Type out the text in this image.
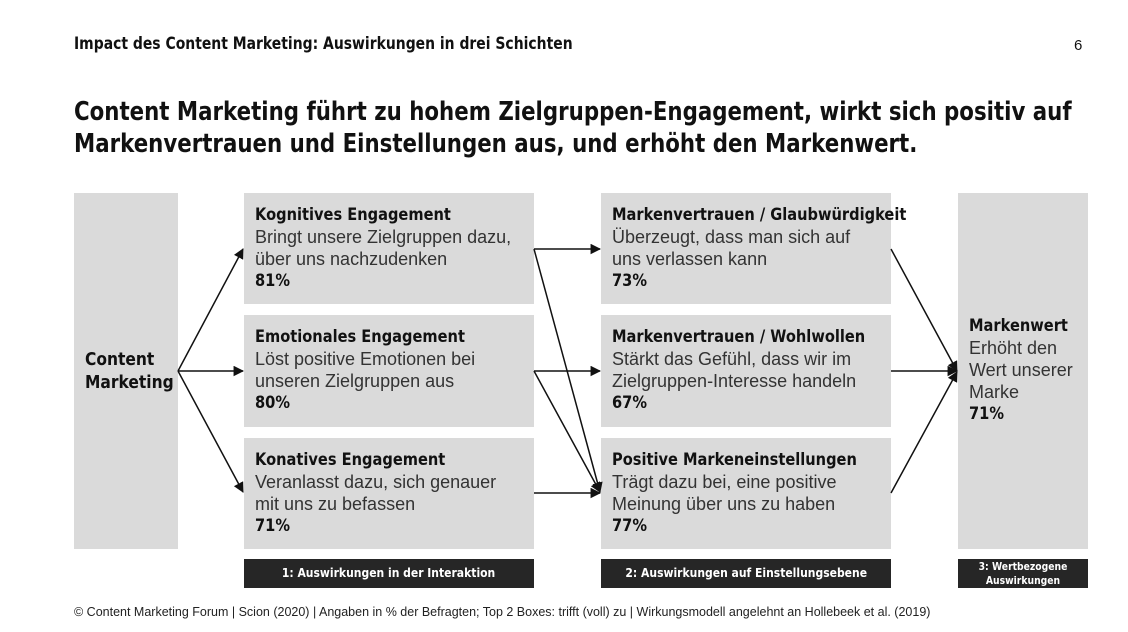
Impact des Content Marketing: Auswirkungen in drei Schichten	6
Content Marketing führt zu hohem Zielgruppen-Engagement, wirkt sich positiv auf
Markenvertrauen und Einstellungen aus, und erhöht den Markenwert.
Content
Marketing
Kognitives Engagement
Bringt unsere Zielgruppen dazu,
über uns nachzudenken
81%
Emotionales Engagement
Löst positive Emotionen bei
unseren Zielgruppen aus
80%
Konatives Engagement
Veranlasst dazu, sich genauer
mit uns zu befassen
71%
Markenvertrauen / Glaubwürdigkeit
Überzeugt, dass man sich auf
uns verlassen kann
73%
Markenvertrauen / Wohlwollen
Stärkt das Gefühl, dass wir im
Zielgruppen-Interesse handeln
67%
Positive Markeneinstellungen
Trägt dazu bei, eine positive
Meinung über uns zu haben
77%
Markenwert
Erhöht den
Wert unserer
Marke
71%
1: Auswirkungen in der Interaktion	2: Auswirkungen auf Einstellungsebene	3: Wertbezogene
Auswirkungen
© Content Marketing Forum | Scion (2020) | Angaben in % der Befragten; Top 2 Boxes: trifft (voll) zu | Wirkungsmodell angelehnt an Hollebeek et al. (2019)
